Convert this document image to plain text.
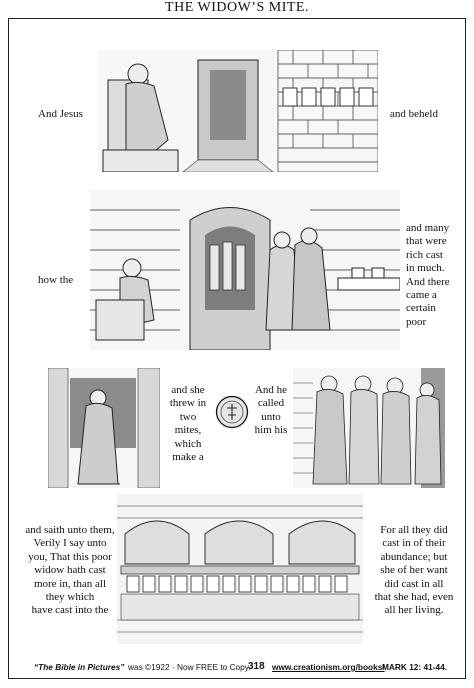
THE WIDOW’S MITE.
And Jesus	and beheld
how the
and many
that were
rich cast
in much.
And there
came a
certain
poor
and she
threw in
two
mites,
which
make a
And he
called
unto
him his
and saith unto them,
Verily I say unto
you, That this poor
widow hath cast
more in, than all
they which
have cast into the
For all they did
cast in of their
abundance; but
she of her want
did cast in all
that she had, even
all her living.
“The Bible in Pictures” was ©1922 · Now FREE to Copy.
318 www.creationism.org/books/
MARK 12: 41-44.
